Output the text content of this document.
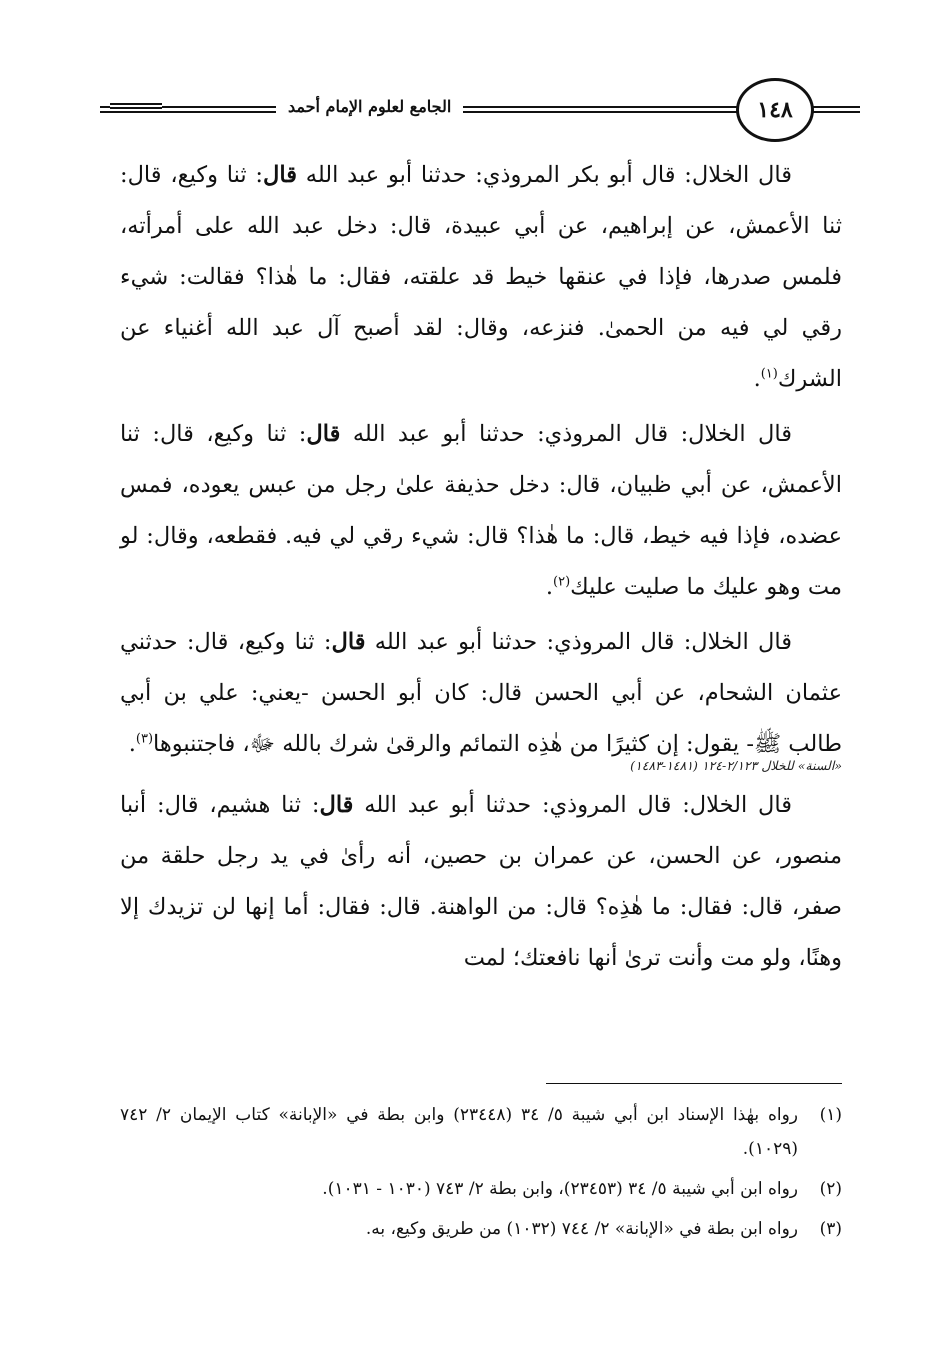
الجامع لعلوم الإمام أحمد	١٤٨

قال الخلال: قال أبو بكر المروذي: حدثنا أبو عبد الله قال: ثنا وكيع، قال: ثنا الأعمش، عن إبراهيم، عن أبي عبيدة، قال: دخل عبد الله على أمرأته، فلمس صدرها، فإذا في عنقها خيط قد علقته، فقال: ما هٰذا؟ فقالت: شيء رقي لي فيه من الحمىٰ. فنزعه، وقال: لقد أصبح آل عبد الله أغنياء عن الشرك$^{(١)}$.

قال الخلال: قال المروذي: حدثنا أبو عبد الله قال: ثنا وكيع، قال: ثنا الأعمش، عن أبي ظبيان، قال: دخل حذيفة علىٰ رجل من عبس يعوده، فمس عضده، فإذا فيه خيط، قال: ما هٰذا؟ قال: شيء رقي لي فيه. فقطعه، وقال: لو مت وهو عليك ما صليت عليك$^{(٢)}$.

قال الخلال: قال المروذي: حدثنا أبو عبد الله قال: ثنا وكيع، قال: حدثني عثمان الشحام، عن أبي الحسن قال: كان أبو الحسن -يعني: علي بن أبي طالب ﷺ- يقول: إن كثيرًا من هٰذِه التمائم والرقىٰ شرك بالله ﷻ، فاجتنبوها$^{(٣)}$.

«السنة» للخلال ٢/١٢٣-١٢٤ (١٤٨١-١٤٨٣)

قال الخلال: قال المروذي: حدثنا أبو عبد الله قال: ثنا هشيم، قال: أنبا منصور، عن الحسن، عن عمران بن حصين، أنه رأىٰ في يد رجل حلقة من صفر، قال: فقال: ما هٰذِه؟ قال: من الواهنة. قال: فقال: أما إنها لن تزيدك إلا وهنًا، ولو مت وأنت ترىٰ أنها نافعتك؛ لمت

(١)
رواه بهٰذا الإسناد ابن أبي شيبة ٥/ ٣٤ (٢٣٤٤٨) وابن بطة في «الإبانة» كتاب الإيمان ٢/ ٧٤٢ (١٠٢٩).
(٢)
رواه ابن أبي شيبة ٥/ ٣٤ (٢٣٤٥٣)، وابن بطة ٢/ ٧٤٣ (١٠٣٠ - ١٠٣١).
(٣)
رواه ابن بطة في «الإبانة» ٢/ ٧٤٤ (١٠٣٢) من طريق وكيع، به.
